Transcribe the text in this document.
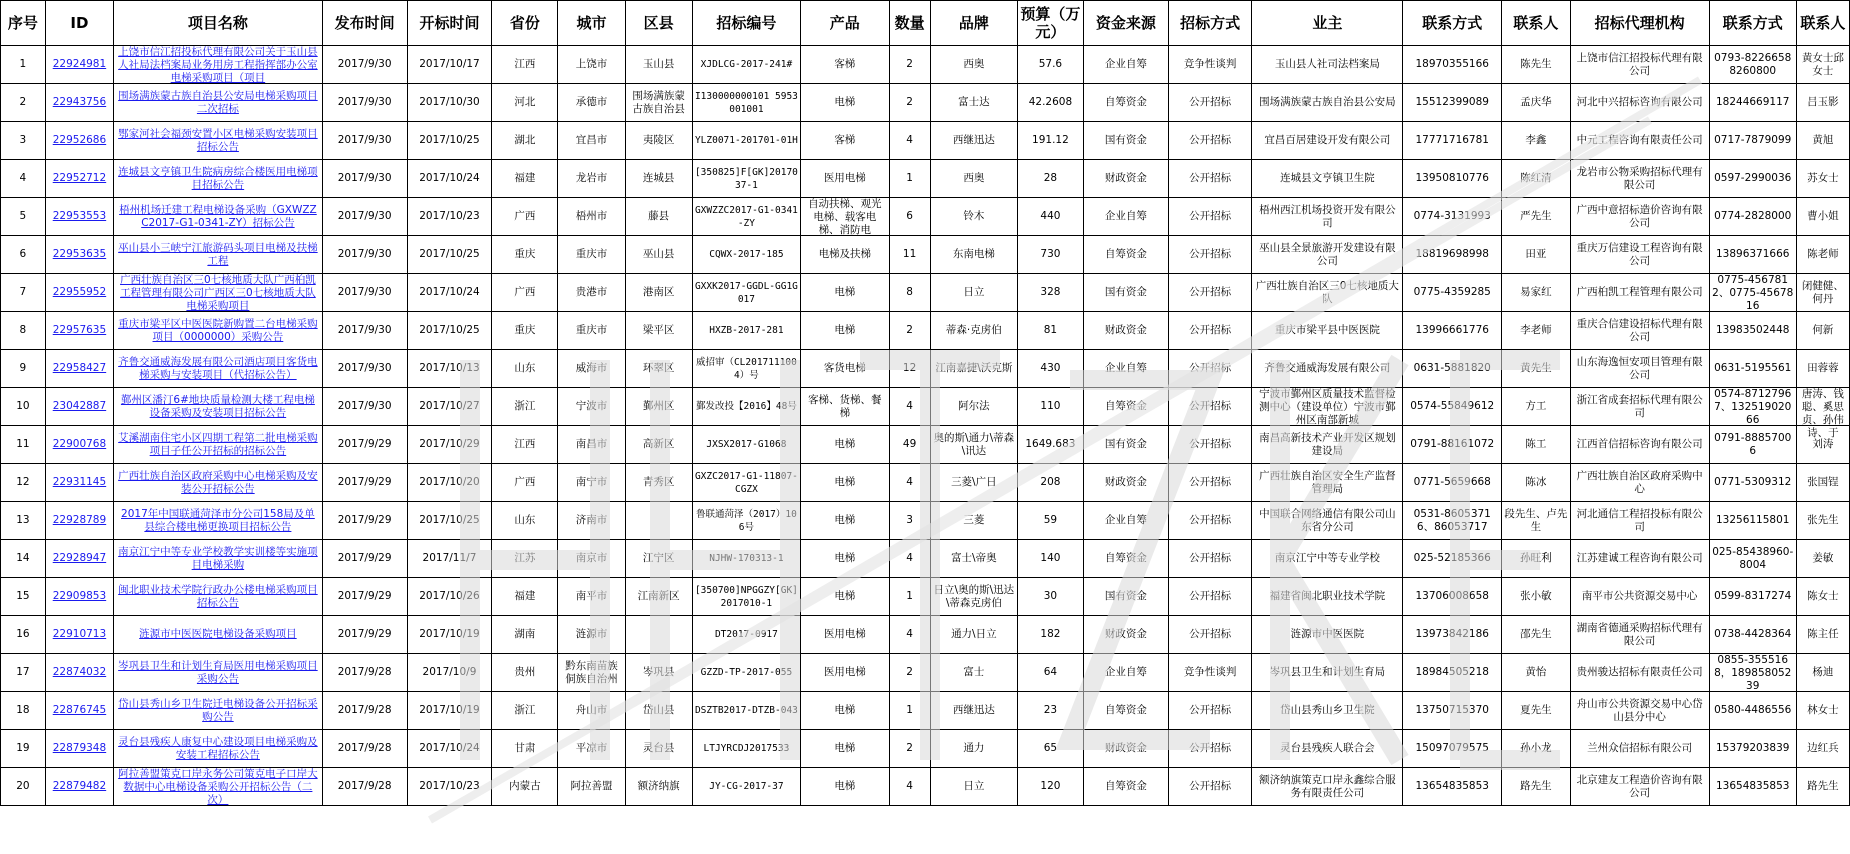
序号	ID	项目名称	发布时间	开标时间	省份	城市	区县	招标编号	产品	数量	品牌	预算（万元）	资金来源	招标方式	业主	联系方式	联系人	招标代理机构	联系方式	联系人

1	22924981	上饶市信江招投标代理有限公司关于玉山县人社局法档案局业务用房工程指挥部办公室电梯采购项目（项目	2017/9/30	2017/10/17	江西	上饶市	玉山县	XJDLCG-2017-241#	客梯	2	西奥	57.6	企业自筹	竞争性谈判	玉山县人社司法档案局	18970355166	陈先生	上饶市信江招投标代理有限公司	0793-82266588260800	黄女士邱女士

2	22943756	围场满族蒙古族自治县公安局电梯采购项目二次招标	2017/9/30	2017/10/30	河北	承德市	围场满族蒙古族自治县	I130000000101 5953001001	电梯	2	富士达	42.2608	自筹资金	公开招标	围场满族蒙古族自治县公安局	15512399089	孟庆华	河北中兴招标咨询有限公司	18244669117	吕玉影

3	22952686	鄂家河社会福颈安置小区电梯采购安装项目招标公告	2017/9/30	2017/10/25	湖北	宜昌市	夷陵区	YLZ0071-201701-01H	客梯	4	西继迅达	191.12	国有资金	公开招标	宜昌百居建设开发有限公司	17771716781	李鑫	中元工程咨询有限责任公司	0717-7879099	黄旭

4	22952712	连城县文亨镇卫生院病房综合楼医用电梯项目招标公告	2017/9/30	2017/10/24	福建	龙岩市	连城县	[350825]F[GK]2017037-1	医用电梯	1	西奥	28	财政资金	公开招标	连城县文亨镇卫生院	13950810776	陈红清	龙岩市公物采购招标代理有限公司	0597-2990036	苏女士

5	22953553	梧州机场迁建工程电梯设备采购（GXWZZC2017-G1-0341-ZY）招标公告	2017/9/30	2017/10/23	广西	梧州市	藤县	GXWZZC2017-G1-0341-ZY	自动扶梯、观光电梯、载客电梯、消防电	6	铃木	440	企业自筹	公开招标	梧州西江机场投资开发有限公司	0774-3131993	严先生	广西中意招标造价咨询有限公司	0774-2828000	曹小姐

6	22953635	巫山县小三峡宁江旅游码头项目电梯及扶梯工程	2017/9/30	2017/10/25	重庆	重庆市	巫山县	CQWX-2017-185	电梯及扶梯	11	东南电梯	730	自筹资金	公开招标	巫山县全景旅游开发建设有限公司	18819698998	田亚	重庆万信建设工程咨询有限公司	13896371666	陈老师

7	22955952	广西壮族自治区三0七核地质大队广西桕凯工程管理有限公司广西区三0七核地质大队电梯采购项目	2017/9/30	2017/10/24	广西	贵港市	港南区	GXXK2017-GGDL-GG1G017	电梯	8	日立	328	国有资金	公开招标	广西壮族自治区三0七核地质大队	0775-4359285	易家红	广西桕凯工程管理有限公司	0775-4567812、0775-4567816	闭健健、何丹

8	22957635	重庆市梁平区中医医院新购置二台电梯采购项目（0000000）采购公告	2017/9/30	2017/10/25	重庆	重庆市	梁平区	HXZB-2017-281	电梯	2	蒂森·克虏伯	81	财政资金	公开招标	重庆市梁平县中医医院	13996661776	李老师	重庆合信建设招标代理有限公司	13983502448	何新

9	22958427	齐鲁交通威海发展有限公司酒店项目客货电梯采购与安装项目（代招标公告）	2017/9/30	2017/10/13	山东	威海市	环翠区	威招审（CL2017111004）号	客货电梯	12	江南嘉捷\沃克斯	430	企业自筹	公开招标	齐鲁交通威海发展有限公司	0631-5881820	黄先生	山东海逸恒安项目管理有限公司	0631-5195561	田蓉蓉

10	23042887	鄞州区潘汀6#地块质量检测大楼工程电梯设备采购及安装项目招标公告	2017/9/30	2017/10/27	浙江	宁波市	鄞州区	鄞发改投【2016】48号	客梯、货梯、餐梯	4	阿尔法	110	自筹资金	公开招标	宁波市鄞州区质量技术监督检测中心（建设单位）宁波市鄞州区南部新城	0574-55849612	方工	浙江省成套招标代理有限公司	0574-87127967、13251902066	唐涛、钱聪、奚思贞、孙伟诗、于

11	22900768	艾溪湖南住宅小区四期工程第二批电梯采购项目子任公开招标的招标公告	2017/9/29	2017/10/29	江西	南昌市	高新区	JXSX2017-G1068	电梯	49	奥的斯\通力\蒂森\讯达	1649.683	国有资金	公开招标	南昌高新技术产业开发区规划建设局	0791-88161072	陈工	江西首信招标咨询有限公司	0791-88857006	刘涛

12	22931145	广西壮族自治区政府采购中心电梯采购及安装公开招标公告	2017/9/29	2017/10/20	广西	南宁市	青秀区	GXZC2017-G1-11807-CGZX	电梯	4	三菱\广日	208	财政资金	公开招标	广西壮族自治区安全生产监督管理局	0771-5659668	陈冰	广西壮族自治区政府采购中心	0771-5309312	张国锃

13	22928789	2017年中国联通菏泽市分公司158局及单县综合楼电梯更换项目招标公告	2017/9/29	2017/10/25	山东	济南市		鲁联通菏泽（2017）106号	电梯	3	三菱	59	企业自筹	公开招标	中国联合网络通信有限公司山东省分公司	0531-86053716、86053717	段先生、卢先生	河北通信工程招投标有限公司	13256115801	张先生

14	22928947	南京江宁中等专业学校教学实训楼等实施项目电梯采购	2017/9/29	2017/11/7	江苏	南京市	江宁区	NJHW-170313-1	电梯	4	富士\帝奥	140	自筹资金	公开招标	南京江宁中等专业学校	025-52185366	孙旺利	江苏建诚工程咨询有限公司	025-85438960-8004	姜敏

15	22909853	闽北职业技术学院行政办公楼电梯采购项目招标公告	2017/9/29	2017/10/26	福建	南平市	江南新区	[350700]NPGGZY[GK]2017010-1	电梯	1	日立\奥的斯\迅达\蒂森克虏伯	30	国有资金	公开招标	福建省闽北职业技术学院	13706008658	张小敏	南平市公共资源交易中心	0599-8317274	陈女士

16	22910713	涟源市中医医院电梯设备采购项目	2017/9/29	2017/10/19	湖南	涟源市		DT2017-0917	医用电梯	4	通力\日立	182	财政资金	公开招标	涟源市中医医院	13973842186	邵先生	湖南省德通采购招标代理有限公司	0738-4428364	陈主任

17	22874032	岑巩县卫生和计划生育局医用电梯采购项目采购公告	2017/9/28	2017/10/9	贵州	黔东南苗族侗族自治州	岑巩县	GZZD-TP-2017-055	医用电梯	2	富士	64	企业自筹	竞争性谈判	岑巩县卫生和计划生育局	18984505218	黄怡	贵州骏达招标有限责任公司	0855-3555168，18985805239	杨迪

18	22876745	岱山县秀山乡卫生院迁电梯设备公开招标采购公告	2017/9/28	2017/10/19	浙江	舟山市	岱山县	DSZTB2017-DTZB-043	电梯	1	西继迅达	23	自筹资金	公开招标	岱山县秀山乡卫生院	13750715370	夏先生	舟山市公共资源交易中心岱山县分中心	0580-4486556	林女士

19	22879348	灵台县残疾人康复中心建设项目电梯采购及安装工程招标公告	2017/9/28	2017/10/24	甘肃	平凉市	灵台县	LTJYRCDJ2017533	电梯	2	通力	65	财政资金	公开招标	灵台县残疾人联合会	15097079575	孙小龙	兰州众信招标有限公司	15379203839	边红兵

20	22879482	阿拉善盟策克口岸永务公司策克电子口岸大数据中心电梯设备采购公开招标公告（二次）	2017/9/28	2017/10/23	内蒙古	阿拉善盟	额济纳旗	JY-CG-2017-37	电梯	4	日立	120	自筹资金	公开招标	额济纳旗策克口岸永鑫综合服务有限责任公司	13654835853	路先生	北京建友工程造价咨询有限公司	13654835853	路先生
